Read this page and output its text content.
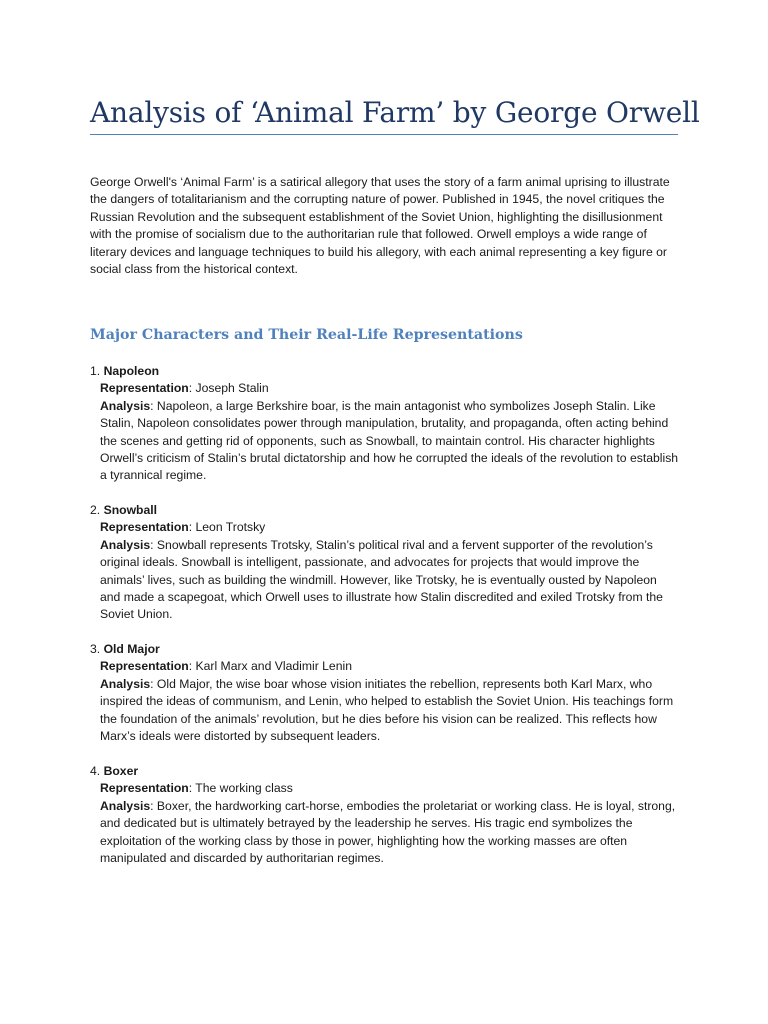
Analysis of ‘Animal Farm’ by George Orwell

George Orwell's ‘Animal Farm’ is a satirical allegory that uses the story of a farm animal uprising to illustrate the dangers of totalitarianism and the corrupting nature of power. Published in 1945, the novel critiques the Russian Revolution and the subsequent establishment of the Soviet Union, highlighting the disillusionment with the promise of socialism due to the authoritarian rule that followed. Orwell employs a wide range of literary devices and language techniques to build his allegory, with each animal representing a key figure or social class from the historical context.

Major Characters and Their Real-Life Representations

1. Napoleon

Representation: Joseph Stalin

Analysis: Napoleon, a large Berkshire boar, is the main antagonist who symbolizes Joseph Stalin. Like Stalin, Napoleon consolidates power through manipulation, brutality, and propaganda, often acting behind the scenes and getting rid of opponents, such as Snowball, to maintain control. His character highlights Orwell’s criticism of Stalin’s brutal dictatorship and how he corrupted the ideals of the revolution to establish a tyrannical regime.

2. Snowball

Representation: Leon Trotsky

Analysis: Snowball represents Trotsky, Stalin’s political rival and a fervent supporter of the revolution’s original ideals. Snowball is intelligent, passionate, and advocates for projects that would improve the animals’ lives, such as building the windmill. However, like Trotsky, he is eventually ousted by Napoleon and made a scapegoat, which Orwell uses to illustrate how Stalin discredited and exiled Trotsky from the Soviet Union.

3. Old Major

Representation: Karl Marx and Vladimir Lenin

Analysis: Old Major, the wise boar whose vision initiates the rebellion, represents both Karl Marx, who inspired the ideas of communism, and Lenin, who helped to establish the Soviet Union. His teachings form the foundation of the animals’ revolution, but he dies before his vision can be realized. This reflects how Marx’s ideals were distorted by subsequent leaders.

4. Boxer

Representation: The working class

Analysis: Boxer, the hardworking cart-horse, embodies the proletariat or working class. He is loyal, strong, and dedicated but is ultimately betrayed by the leadership he serves. His tragic end symbolizes the exploitation of the working class by those in power, highlighting how the working masses are often manipulated and discarded by authoritarian regimes.
